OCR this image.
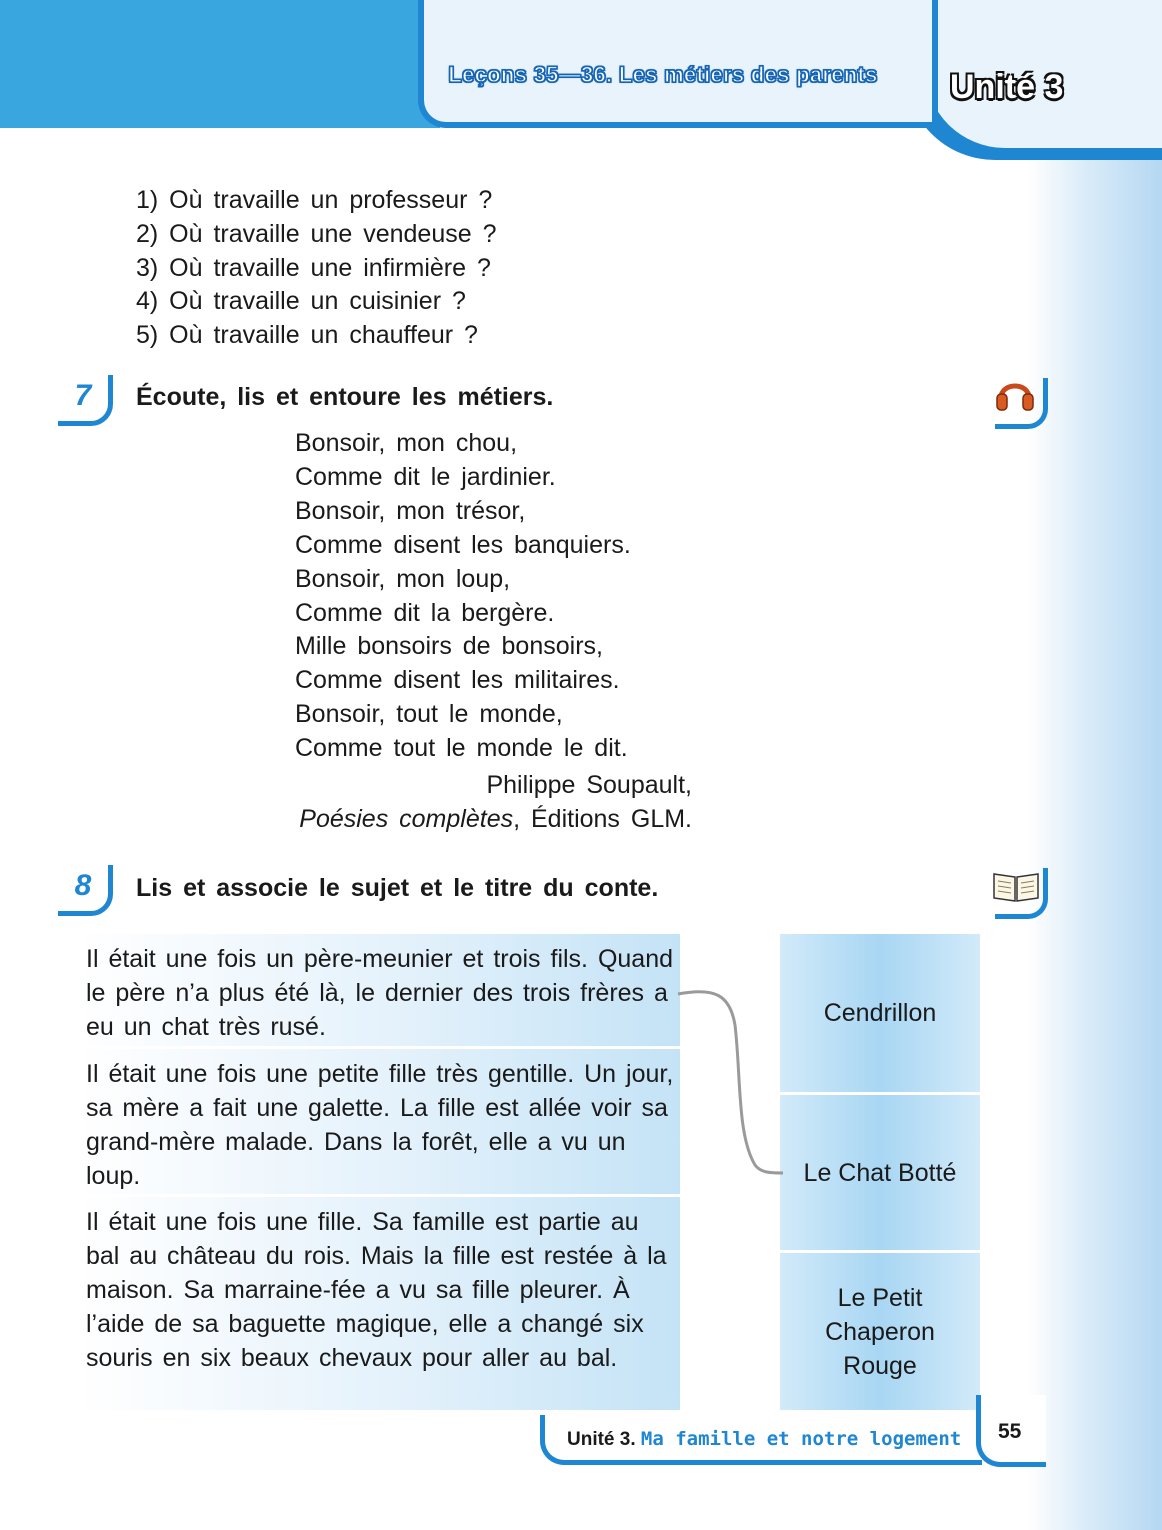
Leçons 35—36. Les métiers des parents	Unité 3
1) Où travaille un professeur ?
2) Où travaille une vendeuse ?
3) Où travaille une infirmière ?
4) Où travaille un cuisinier ?
5) Où travaille un chauffeur ?
7	Écoute, lis et entoure les métiers.
Bonsoir, mon chou,
Comme dit le jardinier.
Bonsoir, mon trésor,
Comme disent les banquiers.
Bonsoir, mon loup,
Comme dit la bergère.
Mille bonsoirs de bonsoirs,
Comme disent les militaires.
Bonsoir, tout le monde,
Comme tout le monde le dit.
Philippe Soupault,
Poésies complètes, Éditions GLM.
8	Lis et associe le sujet et le titre du conte.
Il était une fois un père-meunier et trois fils. Quand le père n’a plus été là, le dernier des trois frères a eu un chat très rusé.
Il était une fois une petite fille très gentille. Un jour, sa mère a fait une galette. La fille est allée voir sa grand-mère malade. Dans la forêt, elle a vu un loup.
Il était une fois une fille. Sa famille est partie au bal au château du rois. Mais la fille est restée à la maison. Sa marraine-fée a vu sa fille pleurer. À l’aide de sa baguette magique, elle a changé six souris en six beaux chevaux pour aller au bal.
Cendrillon
Le Chat Botté
Le Petit Chaperon Rouge
Unité 3. Ma famille et notre logement 55
